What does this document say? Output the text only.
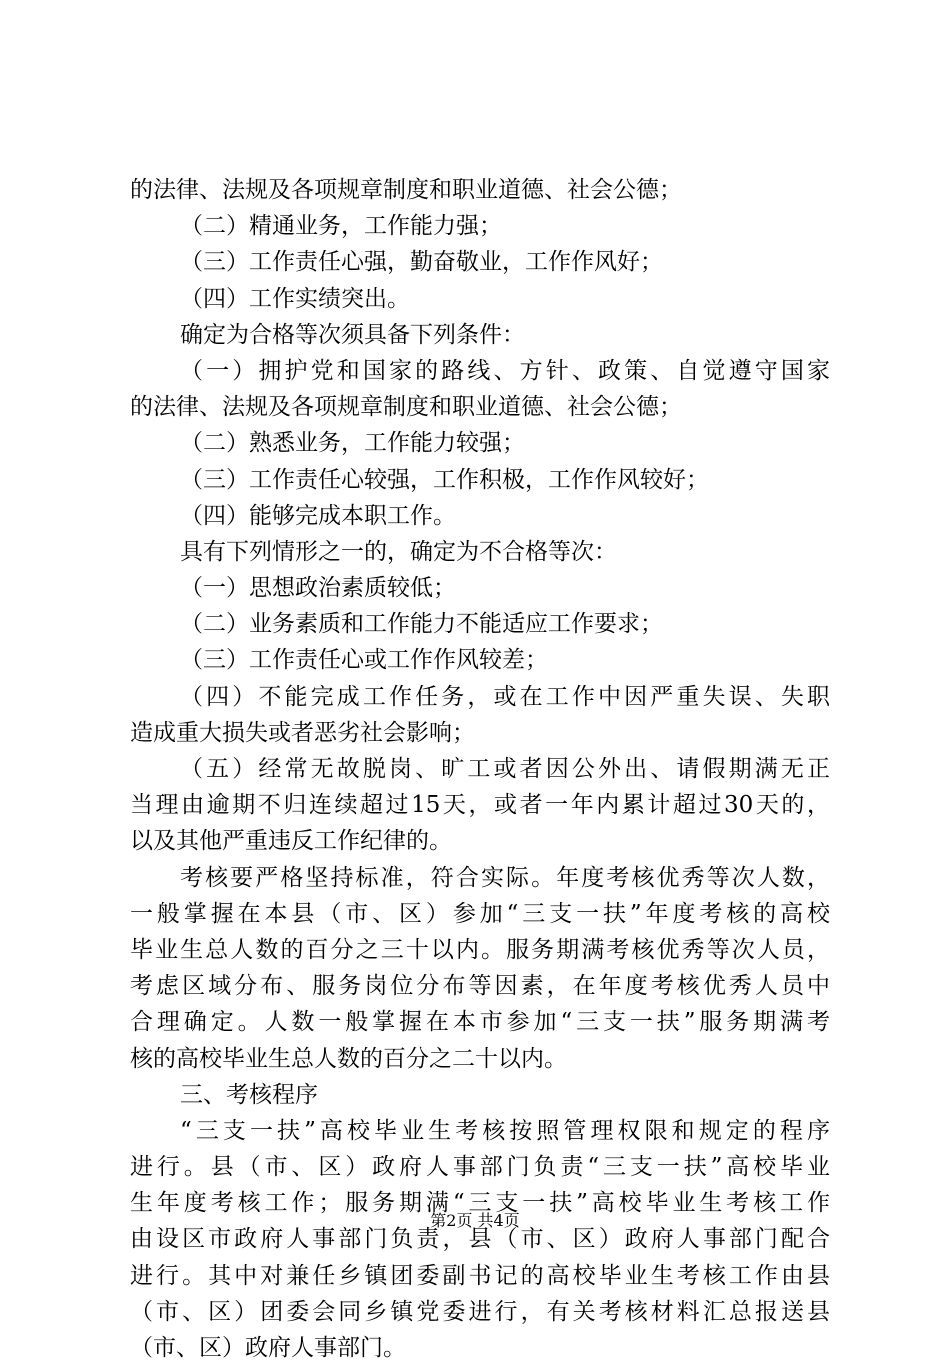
的法律、法规及各项规章制度和职业道德、社会公德；
（二）精通业务，工作能力强；
（三）工作责任心强，勤奋敬业，工作作风好；
（四）工作实绩突出。
确定为合格等次须具备下列条件：
（一）拥护党和国家的路线、方针、政策、自觉遵守国家
的法律、法规及各项规章制度和职业道德、社会公德；
（二）熟悉业务，工作能力较强；
（三）工作责任心较强，工作积极，工作作风较好；
（四）能够完成本职工作。
具有下列情形之一的，确定为不合格等次：
（一）思想政治素质较低；
（二）业务素质和工作能力不能适应工作要求；
（三）工作责任心或工作作风较差；
（四）不能完成工作任务，或在工作中因严重失误、失职
造成重大损失或者恶劣社会影响；
（五）经常无故脱岗、旷工或者因公外出、请假期满无正
当理由逾期不归连续超过15天，或者一年内累计超过30天的，
以及其他严重违反工作纪律的。
考核要严格坚持标准，符合实际。年度考核优秀等次人数，
一般掌握在本县（市、区）参加“三支一扶”年度考核的高校
毕业生总人数的百分之三十以内。服务期满考核优秀等次人员，
考虑区域分布、服务岗位分布等因素，在年度考核优秀人员中
合理确定。人数一般掌握在本市参加“三支一扶”服务期满考
核的高校毕业生总人数的百分之二十以内。
三、考核程序
“三支一扶”高校毕业生考核按照管理权限和规定的程序
进行。县（市、区）政府人事部门负责“三支一扶”高校毕业
生年度考核工作；服务期满“三支一扶”高校毕业生考核工作
由设区市政府人事部门负责，县（市、区）政府人事部门配合
进行。其中对兼任乡镇团委副书记的高校毕业生考核工作由县
（市、区）团委会同乡镇党委进行，有关考核材料汇总报送县
（市、区）政府人事部门。
第2页 共4页
